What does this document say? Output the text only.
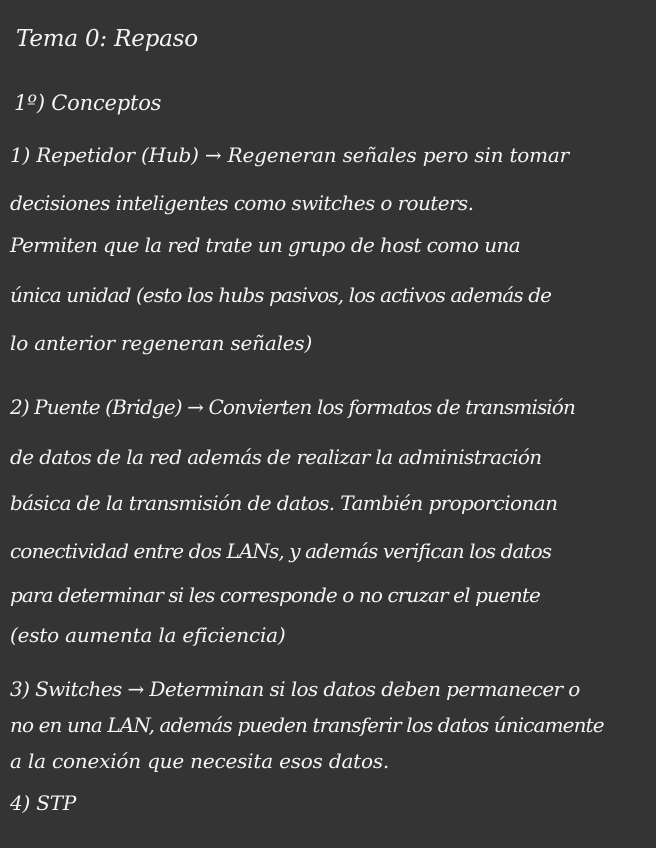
Tema 0: Repaso
1º) Conceptos
1) Repetidor (Hub) → Regeneran señales pero sin tomar
decisiones inteligentes como switches o routers.
Permiten que la red trate un grupo de host como una
única unidad (esto los hubs pasivos, los activos además de
lo anterior regeneran señales)
2) Puente (Bridge) → Convierten los formatos de transmisión
de datos de la red además de realizar la administración
básica de la transmisión de datos. También proporcionan
conectividad entre dos LANs, y además verifican los datos
para determinar si les corresponde o no cruzar el puente
(esto aumenta la eficiencia)
3) Switches → Determinan si los datos deben permanecer o
no en una LAN, además pueden transferir los datos únicamente
a la conexión que necesita esos datos.
4) STP
